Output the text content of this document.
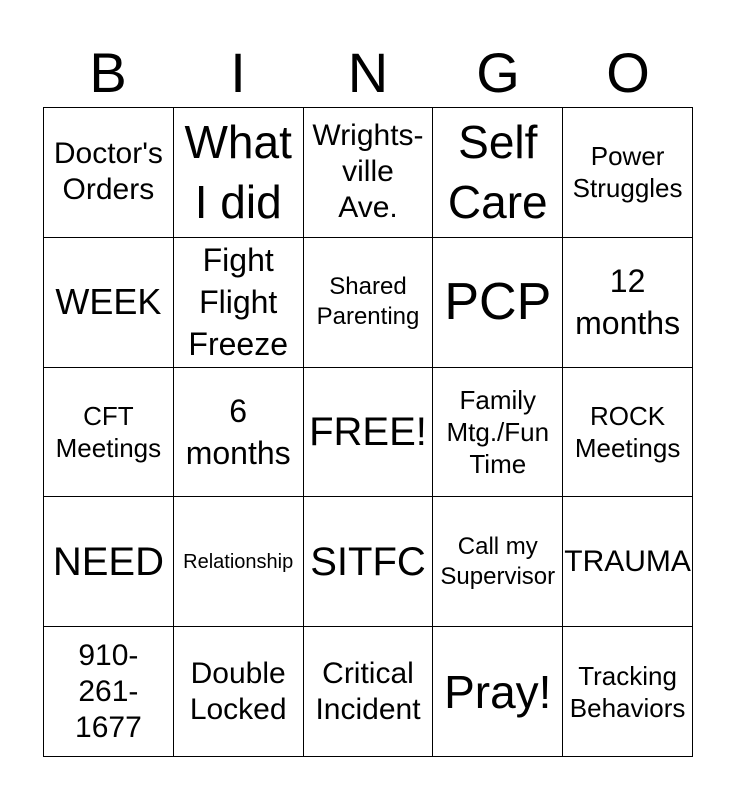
B	I	N	G	O
Doctor's
Orders
What
I did
Wrights-
ville
Ave.
Self
Care
Power
Struggles
WEEK
Fight
Flight
Freeze
Shared
Parenting PCP	12
months
CFT
Meetings
6
months FREE!
Family
Mtg./Fun
Time
ROCK
Meetings
NEED Relationship SITFC	Call my
Supervisor TRAUMA
910-
261-
1677
Double
Locked
Critical
Incident Pray!	Tracking
Behaviors
